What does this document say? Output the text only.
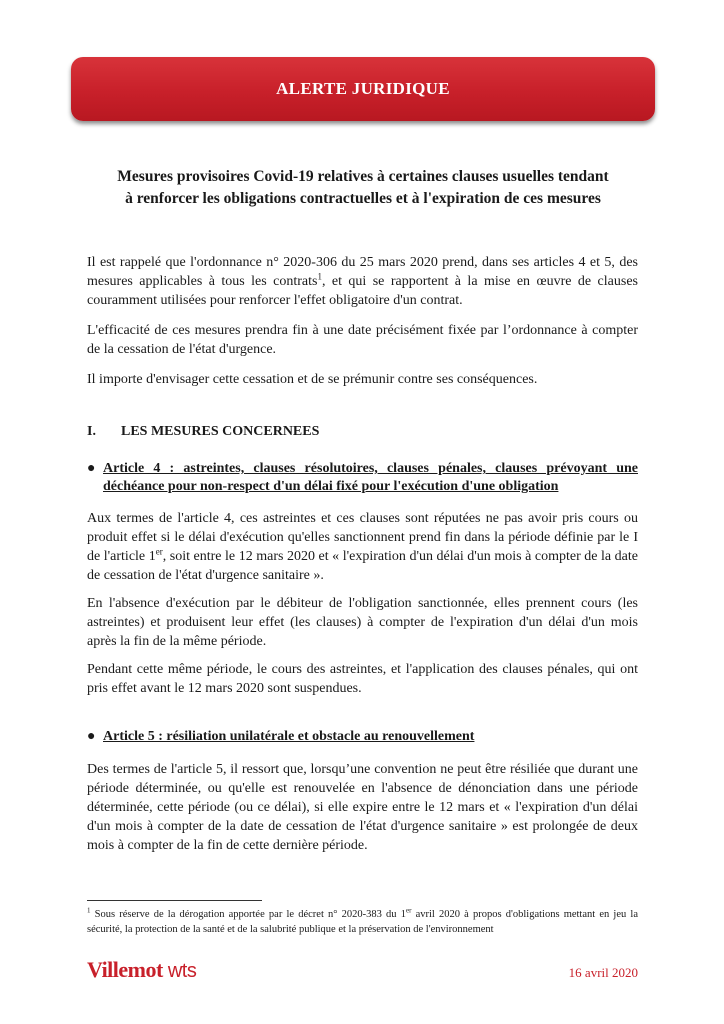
ALERTE JURIDIQUE
Mesures provisoires Covid-19 relatives à certaines clauses usuelles tendant
à renforcer les obligations contractuelles et à l'expiration de ces mesures
Il est rappelé que l'ordonnance n° 2020-306 du 25 mars 2020 prend, dans ses articles 4 et 5, des mesures applicables à tous les contrats$^1$, et qui se rapportent à la mise en œuvre de clauses couramment utilisées pour renforcer l'effet obligatoire d'un contrat.
L'efficacité de ces mesures prendra fin à une date précisément fixée par l’ordonnance à compter de la cessation de l'état d'urgence.
Il importe d'envisager cette cessation et de se prémunir contre ses conséquences.
I. LES MESURES CONCERNEES
● Article 4 : astreintes, clauses résolutoires, clauses pénales, clauses prévoyant une déchéance pour non-respect d'un délai fixé pour l'exécution d'une obligation
Aux termes de l'article 4, ces astreintes et ces clauses sont réputées ne pas avoir pris cours ou produit effet si le délai d'exécution qu'elles sanctionnent prend fin dans la période définie par le I de l'article 1er, soit entre le 12 mars 2020 et « l'expiration d'un délai d'un mois à compter de la date de cessation de l'état d'urgence sanitaire ».
En l'absence d'exécution par le débiteur de l'obligation sanctionnée, elles prennent cours (les astreintes) et produisent leur effet (les clauses) à compter de l'expiration d'un délai d'un mois après la fin de la même période.
Pendant cette même période, le cours des astreintes, et l'application des clauses pénales, qui ont pris effet avant le 12 mars 2020 sont suspendues.
● Article 5 : résiliation unilatérale et obstacle au renouvellement
Des termes de l'article 5, il ressort que, lorsqu’une convention ne peut être résiliée que durant une période déterminée, ou qu'elle est renouvelée en l'absence de dénonciation dans une période déterminée, cette période (ou ce délai), si elle expire entre le 12 mars et « l'expiration d'un délai d'un mois à compter de la date de cessation de l'état d'urgence sanitaire » est prolongée de deux mois à compter de la fin de cette dernière période.
$^1$ Sous réserve de la dérogation apportée par le décret n° 2020-383 du 1er avril 2020 à propos d'obligations mettant en jeu la sécurité, la protection de la santé et de la salubrité publique et la préservation de l'environnement
Villemot wts	16 avril 2020
